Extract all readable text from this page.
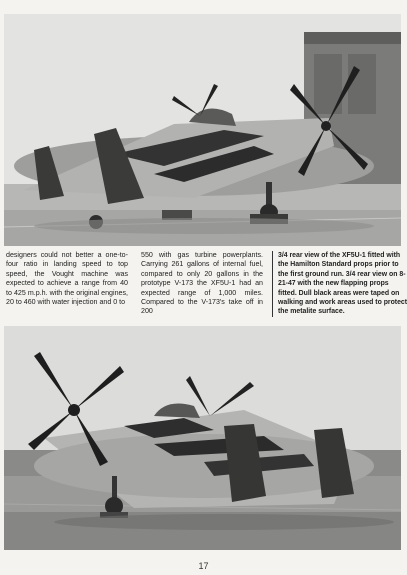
designers could not better a one-to-four ratio in landing speed to top speed, the Vought machine was expected to achieve a range from 40 to 425 m.p.h. with the original engines, 20 to 460 with water injection and 0 to
550 with gas turbine powerplants. Carrying 261 gallons of internal fuel, compared to only 20 gallons in the prototype V-173 the XF5U-1 had an expected range of 1,000 miles. Compared to the V-173's take off in 200

3/4 rear view of the XF5U-1 fitted with the Hamilton Standard props prior to the first ground run. 3/4 rear view on 8-21-47 with the new flapping props fitted. Dull black areas were taped on walking and work areas used to protect the metalite surface.

17
